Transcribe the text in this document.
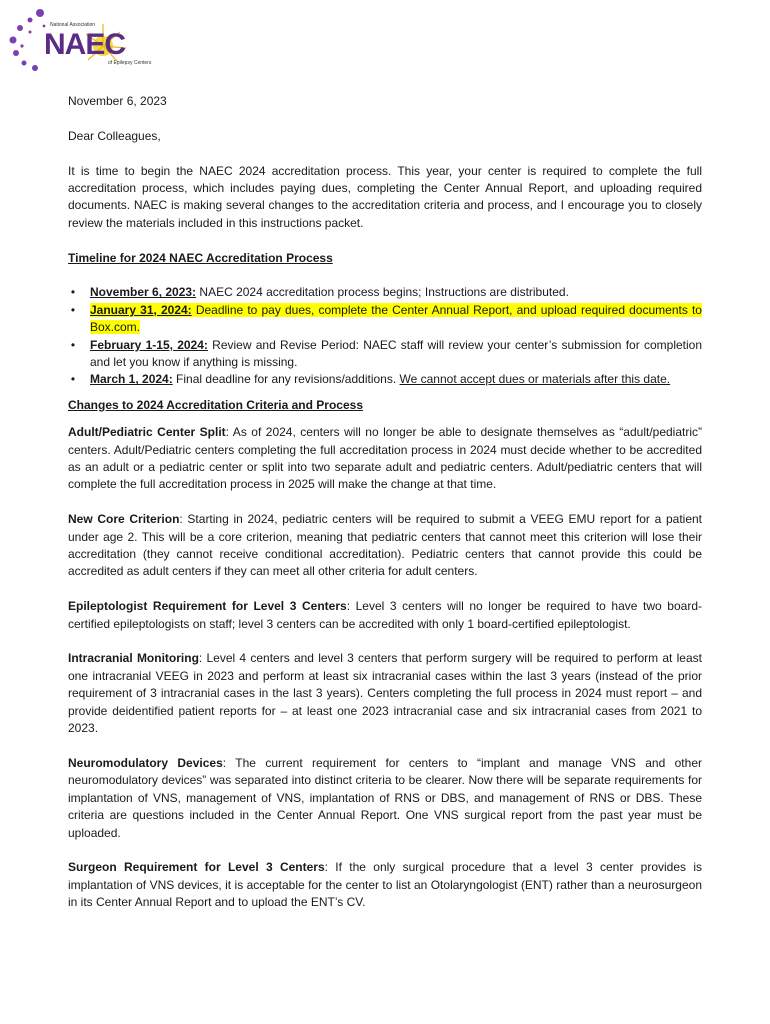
National Association
NAEC
of Epilepsy Centers

November 6, 2023

Dear Colleagues,

It is time to begin the NAEC 2024 accreditation process. This year, your center is required to complete the full accreditation process, which includes paying dues, completing the Center Annual Report, and uploading required documents. NAEC is making several changes to the accreditation criteria and process, and I encourage you to closely review the materials included in this instructions packet.

Timeline for 2024 NAEC Accreditation Process

• November 6, 2023: NAEC 2024 accreditation process begins; Instructions are distributed.
• January 31, 2024: Deadline to pay dues, complete the Center Annual Report, and upload required documents to Box.com.
• February 1-15, 2024: Review and Revise Period: NAEC staff will review your center’s submission for completion and let you know if anything is missing.
• March 1, 2024: Final deadline for any revisions/additions. We cannot accept dues or materials after this date.

Changes to 2024 Accreditation Criteria and Process

Adult/Pediatric Center Split: As of 2024, centers will no longer be able to designate themselves as “adult/pediatric” centers. Adult/Pediatric centers completing the full accreditation process in 2024 must decide whether to be accredited as an adult or a pediatric center or split into two separate adult and pediatric centers. Adult/pediatric centers that will complete the full accreditation process in 2025 will make the change at that time.

New Core Criterion: Starting in 2024, pediatric centers will be required to submit a VEEG EMU report for a patient under age 2. This will be a core criterion, meaning that pediatric centers that cannot meet this criterion will lose their accreditation (they cannot receive conditional accreditation). Pediatric centers that cannot provide this could be accredited as adult centers if they can meet all other criteria for adult centers.

Epileptologist Requirement for Level 3 Centers: Level 3 centers will no longer be required to have two board-certified epileptologists on staff; level 3 centers can be accredited with only 1 board-certified epileptologist.

Intracranial Monitoring: Level 4 centers and level 3 centers that perform surgery will be required to perform at least one intracranial VEEG in 2023 and perform at least six intracranial cases within the last 3 years (instead of the prior requirement of 3 intracranial cases in the last 3 years). Centers completing the full process in 2024 must report – and provide deidentified patient reports for – at least one 2023 intracranial case and six intracranial cases from 2021 to 2023.

Neuromodulatory Devices: The current requirement for centers to “implant and manage VNS and other neuromodulatory devices” was separated into distinct criteria to be clearer. Now there will be separate requirements for implantation of VNS, management of VNS, implantation of RNS or DBS, and management of RNS or DBS. These criteria are questions included in the Center Annual Report. One VNS surgical report from the past year must be uploaded.

Surgeon Requirement for Level 3 Centers: If the only surgical procedure that a level 3 center provides is implantation of VNS devices, it is acceptable for the center to list an Otolaryngologist (ENT) rather than a neurosurgeon in its Center Annual Report and to upload the ENT’s CV.
